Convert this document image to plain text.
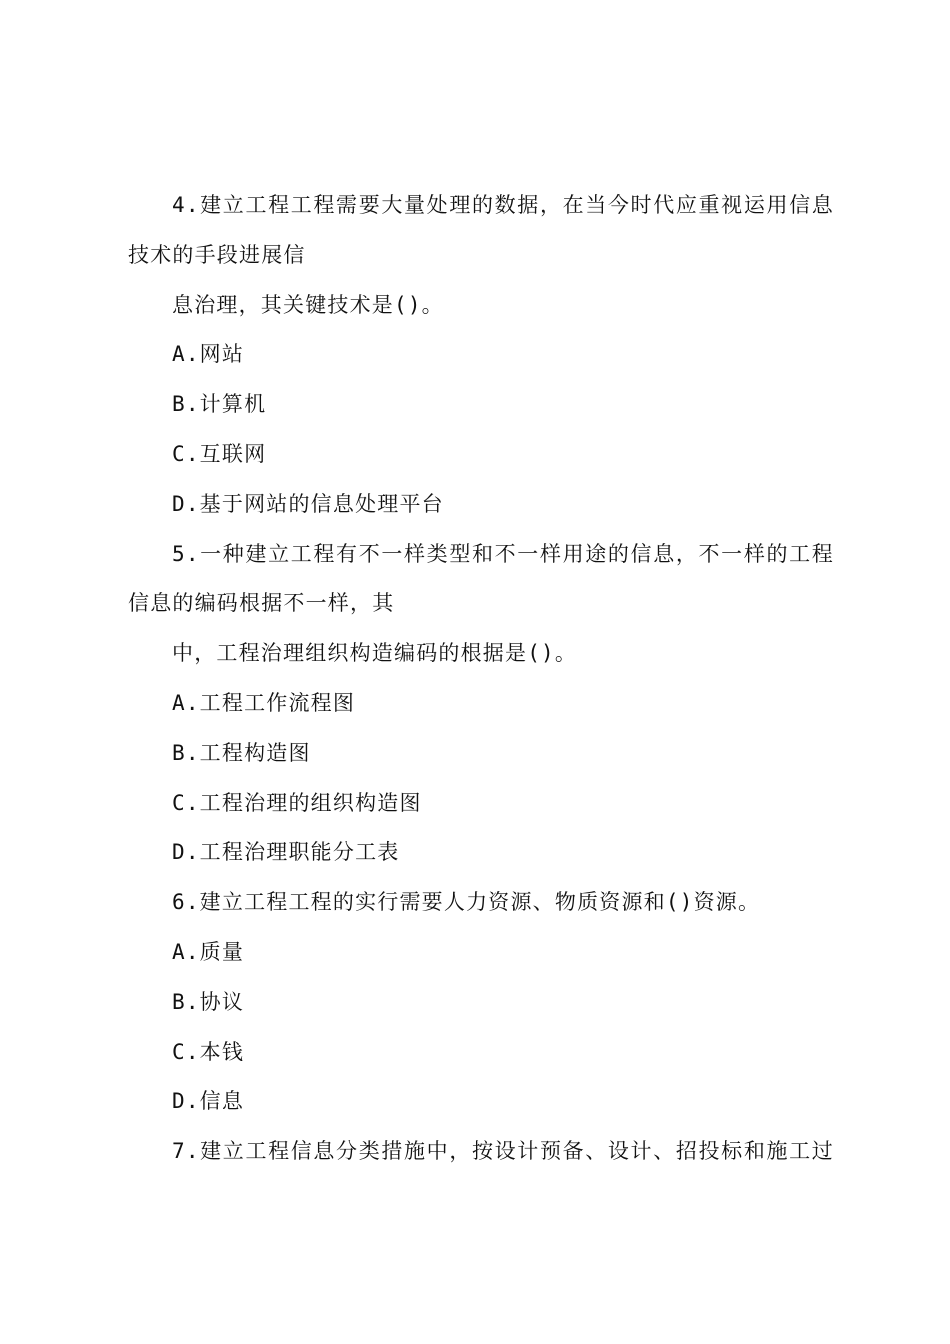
4.建立工程工程需要大量处理的数据，在当今时代应重视运用信息
技术的手段进展信
息治理，其关键技术是()。
A.网站
B.计算机
C.互联网
D.基于网站的信息处理平台
5.一种建立工程有不一样类型和不一样用途的信息，不一样的工程
信息的编码根据不一样，其
中，工程治理组织构造编码的根据是()。
A.工程工作流程图
B.工程构造图
C.工程治理的组织构造图
D.工程治理职能分工表
6.建立工程工程的实行需要人力资源、物质资源和()资源。
A.质量
B.协议
C.本钱
D.信息
7.建立工程信息分类措施中，按设计预备、设计、招投标和施工过
